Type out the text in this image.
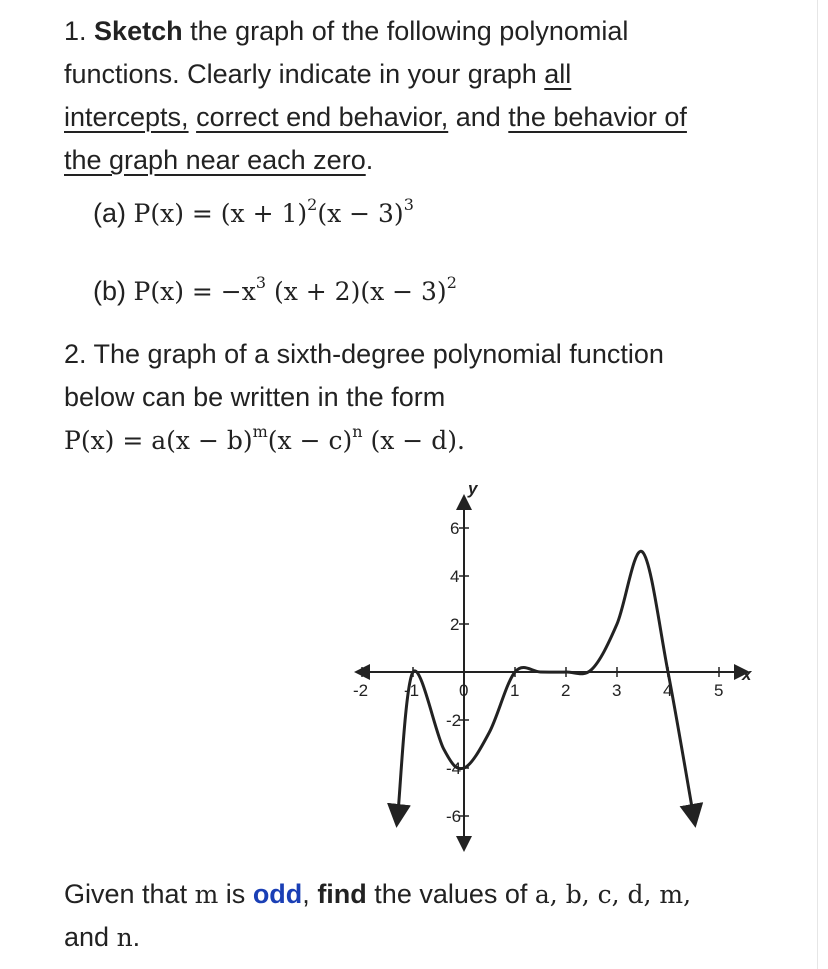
1. Sketch the graph of the following polynomial
functions. Clearly indicate in your graph all
intercepts, correct end behavior, and the behavior of
the graph near each zero.
(a) $P(x) = (x + 1)^2(x - 3)^3$
(b) $P(x) = -x^3$ $(x + 2)(x - 3)^2$
2. The graph of a sixth-degree polynomial function
below can be written in the form
$P(x) = a(x - b)^m(x - c)^n$ (x − d).
y
x
-2 -1 0 1 2 3 4 5
6
4
2
-2
-4
-6
Given that m is odd, find the values of a, b, c, d, m,
and n.
